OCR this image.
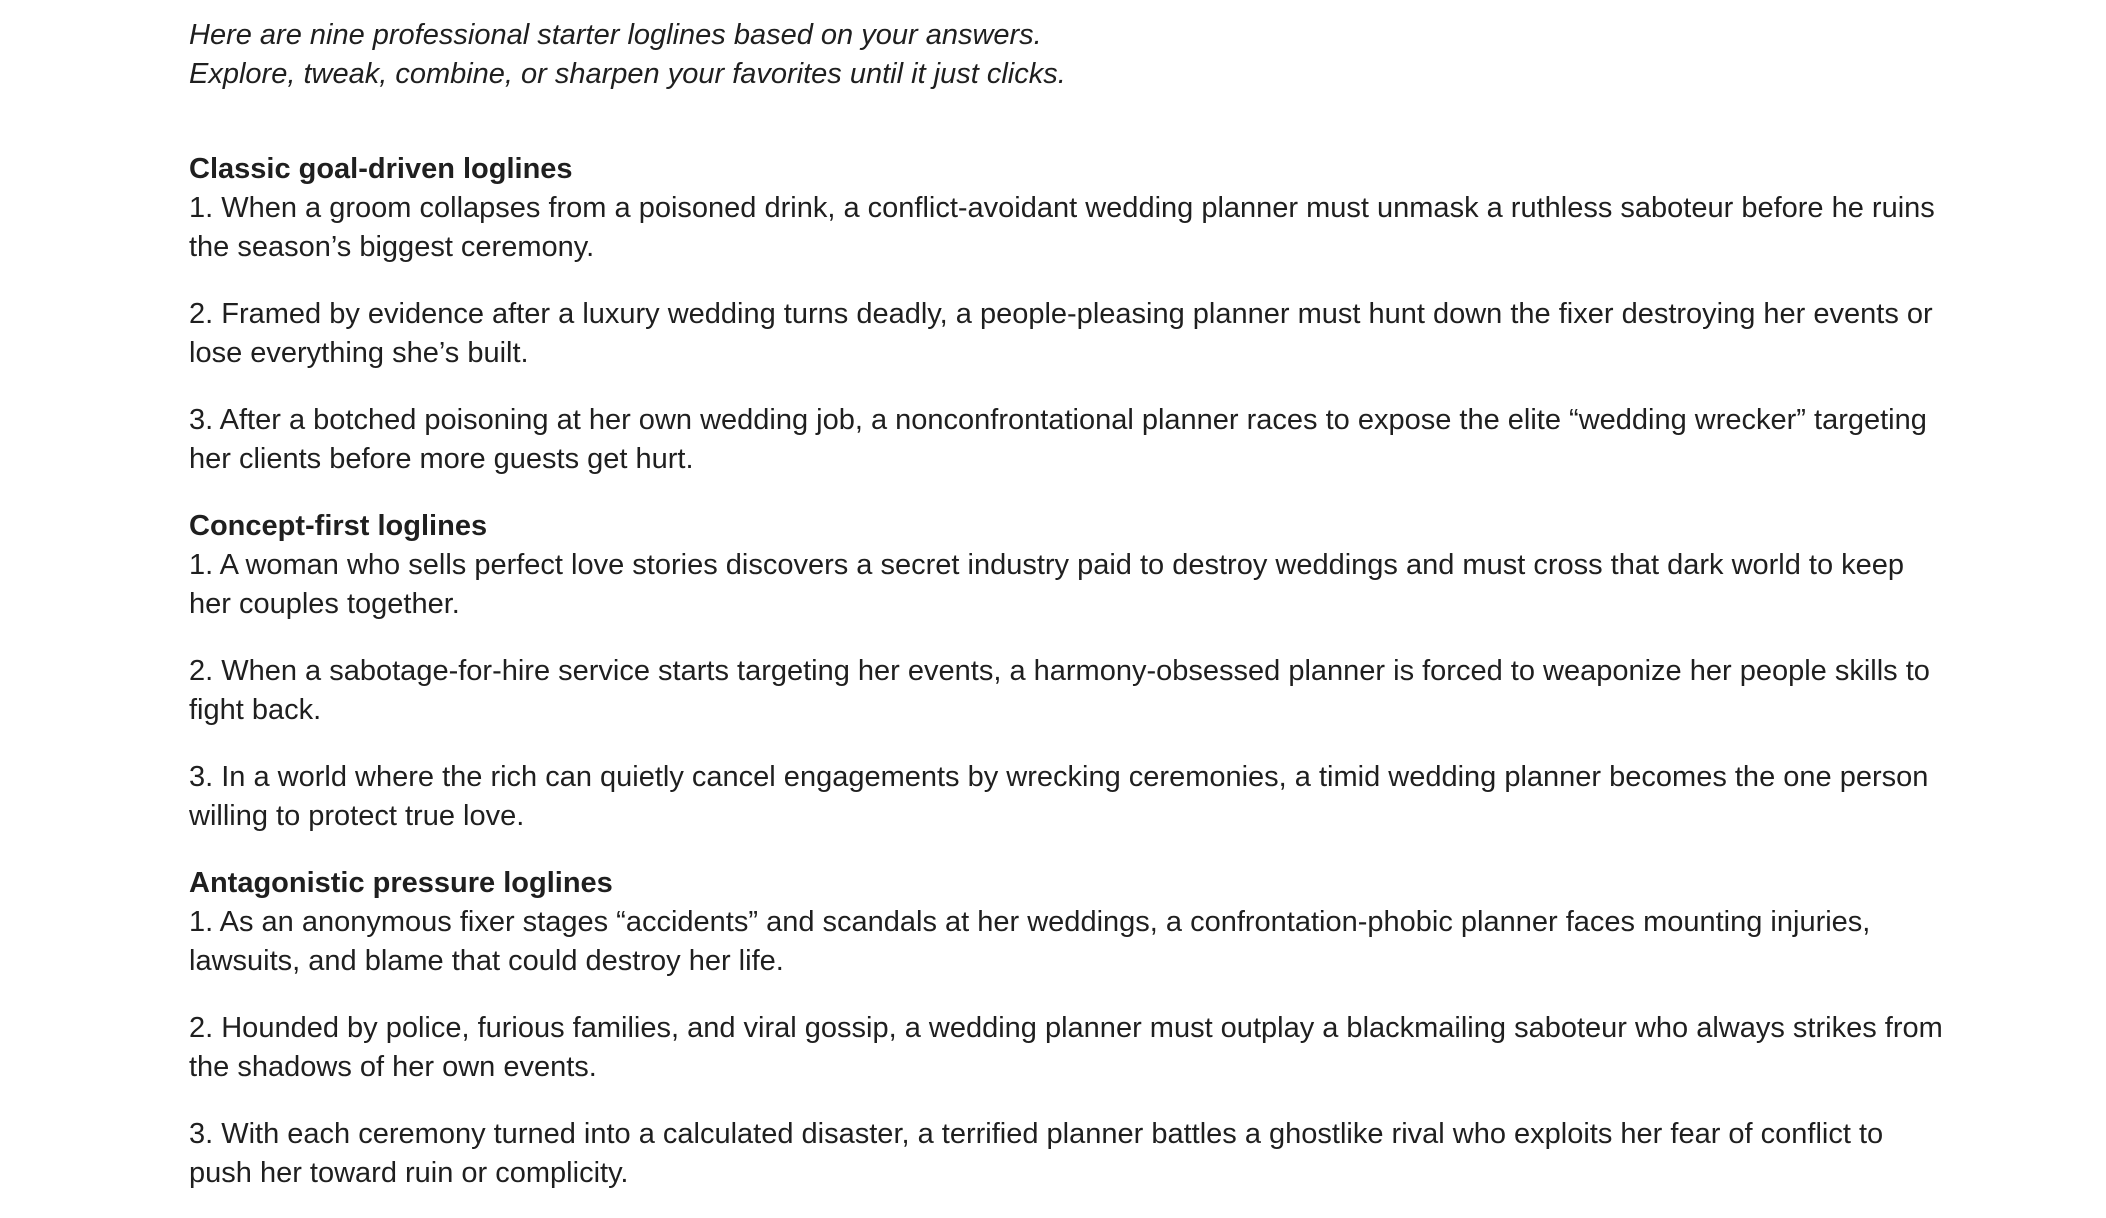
Here are nine professional starter loglines based on your answers.

Explore, tweak, combine, or sharpen your favorites until it just clicks.

Classic goal-driven loglines

1. When a groom collapses from a poisoned drink, a conflict-avoidant wedding planner must unmask a ruthless saboteur before he ruins the season’s biggest ceremony.

2. Framed by evidence after a luxury wedding turns deadly, a people-pleasing planner must hunt down the fixer destroying her events or lose everything she’s built.

3. After a botched poisoning at her own wedding job, a nonconfrontational planner races to expose the elite “wedding wrecker” targeting her clients before more guests get hurt.

Concept-first loglines

1. A woman who sells perfect love stories discovers a secret industry paid to destroy weddings and must cross that dark world to keep her couples together.

2. When a sabotage-for-hire service starts targeting her events, a harmony-obsessed planner is forced to weaponize her people skills to fight back.

3. In a world where the rich can quietly cancel engagements by wrecking ceremonies, a timid wedding planner becomes the one person willing to protect true love.

Antagonistic pressure loglines

1. As an anonymous fixer stages “accidents” and scandals at her weddings, a confrontation-phobic planner faces mounting injuries, lawsuits, and blame that could destroy her life.

2. Hounded by police, furious families, and viral gossip, a wedding planner must outplay a blackmailing saboteur who always strikes from the shadows of her own events.

3. With each ceremony turned into a calculated disaster, a terrified planner battles a ghostlike rival who exploits her fear of conflict to push her toward ruin or complicity.
